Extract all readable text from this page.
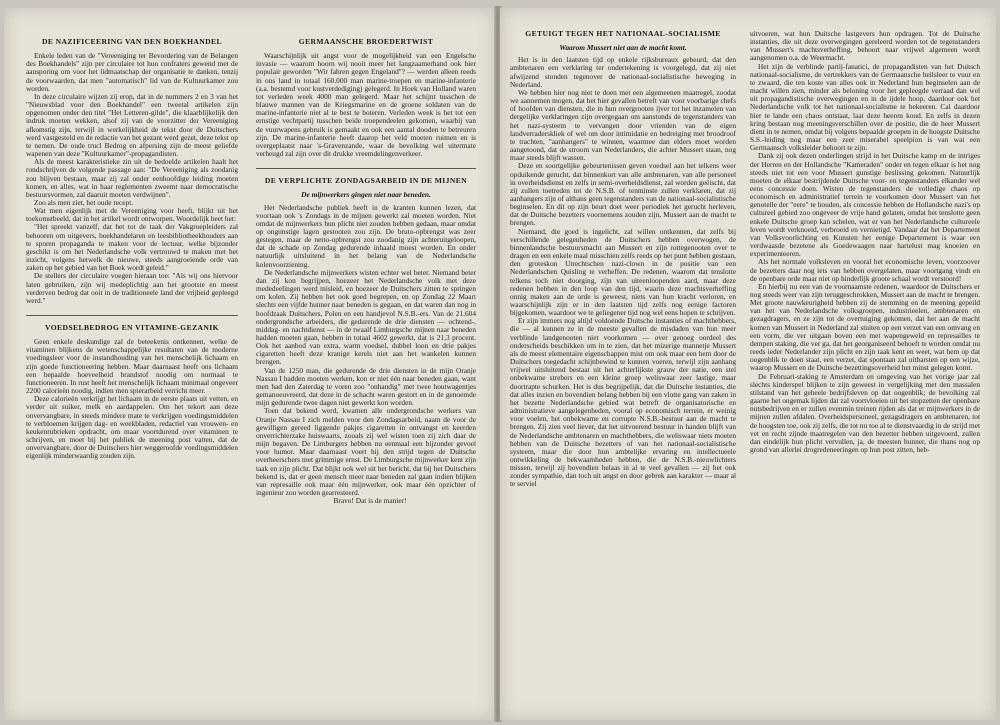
DE NAZIFICEERING VAN DEN BOEKHANDEL

Enkele leden van de "Vereeniging ter Bevordering van de Belangen des Boekhandels" zijn per circulaire tot hun confraters gewend met de aansporing om voor het lidmaatschap der organisatie te danken, tenzij de voorwaarden, dat men "automatisch" lid van de Kultuurkamer zou worden.

In deze circulaire wijzen zij erop, dat in de nummers 2 en 3 van het "Nieuwsblad voor den Boekhandel" een tweetal artikelen zijn opgenomen onder den titel "Het Letteren-gilde", die klaarblijkelijk den indruk moeten wekken, alsof zij van de voorzitter der Vereeniging afkomstig zijn, terwijl in werkelijkheid de tekst door de Duitschers werd vastgesteld en de redactie van het gezant werd gezet, deze tekst op te nemen. De oude trucl Bedrog en afpersing zijn de meest geliefde wapenen van deze "Kultuurkamer"-propagandisten.

Als de meest karakteristieke zin uit de bedoelde artikelen haalt het rondschrijven de volgende passage aan: "De Vereeniging als zoodanig zou blijven bestaan, maar zij zal onder eenhoofdige leiding moeten komen, en alles, wat in haar reglementen zweemt naar democratische bestuursvormen, zal daaruit moeten verdwijnen".

Zoo als men ziet, het oude recept.

Wat men eigenlijk met de Vereeniging voor heeft, blijkt uit het toekomstbeeld, dat in het artikel wordt ontworpen. Woordelijk heet het:

"Het spreekt vanzelf, dat het tot de taak der Vakgroepleiders zal behooren om uitgevers, boekhandelaren en leesbibliotheekhouders aan te sporen propaganda te maken voor de lectuur, welke bijzonder geschikt is om het Nederlandsche volk vertrouwd te maken met het inzicht, volgens hetwelk de nieuwe, steeds aangroeiende orde van zaken op het gebied van het Boek wordt geleid."

De stellers der circulaire voegen hieraan toe: "Als wij ons hiervoor laten gebruiken, zijn wij medeplichtig aan het grootste en meest verderven bedrog dat ooit in de traditioneele land der vrijheid gepleegd werd."

VOEDSELBEDROG EN VITAMINE-GEZANIK

Geen enkele deskundige zal de beteekenis ontkennen, welke de vitaminen blijkens de wetenschappelijke resultaten van de moderne voedingsleer voor de instandhouding van het menschelijk lichaam en zijn goede functioneering hebben. Maar daarnaast heeft ons lichaam een bepaalde hoeveelheid brandstof noodig om normaal te functioneeren. In rust heeft het menschelijk lichaam minimaal ongeveer 2200 calorieën noodig, indien men spierarbeid verricht meer.

Deze calorieën verkrijgt het lichaam in de eerste plaats uit vetten, en verder uit suiker, melk en aardappelen. Om het tekort aan deze onvervangbare, in steeds mindere mate te verkrijgen voedingsmiddelen te verbloemen krijgen dag- en weekbladen, redactiel van vrouwen- en keukenrubrieken opdracht, om maar voortdurend over vitaminen te schrijven, en moet bij het publiek de meening post vatten, dat de onvervangbare, door de Duitschers hier weggeroofde voedingsmiddelen eigenlijk minderwaardig zouden zijn.

GERMAANSCHE BROEDERTWIST

Waarschijnlijk uit angst voor de mogelijkheid van een Engelsche invasie — waarom hoorn wij nooit meer het langzaamerhand ook hier populair geworden "Wir fahren gegen Engeland"? — werden alleen reeds in ons land in totaal 160.000 man marine-troepen en marine-infanterie (a.a. bestemd voor kustverdediging) gelegerd. In Hoek van Holland waren tot verleden week 4000 man gelegerd. Maar het schijnt tusschen de blauwe mannen van de Kriegsmarine en de groene soldaten van de marine-infanterie niet al te best te boteren. Verleden week is het tot een ernstige vechtpartij tusschen beide troependeelen gekomen, waarbij van de vuurwapens gebruik is gemaakt en ook een aantal dooden te betreuren zijn. De marine-infanterie heeft daarop het veld moeten ruimen en is overgeplaatst naar 's-Gravenzande, waar de bevolking wel uitermate verheugd zal zijn over dit drukke vreemdelingenverkeer.

DE VERPLICHTE ZONDAGSARBEID IN DE MIJNEN
De mijnwerkers gingen niet naar beneden.

Het Nederlandsche publiek heeft in de kranten kunnen lezen, dat voortaan ook 's Zondags in de mijnen gewerkt zal moeten worden. Niet omdat de mijnwerkers hun plicht niet zouden hebben gedaan, maar omdat op ongunstige lagen gestooten zou zijn. De bruto-opbrengst was zeer gestegen, maar de netto-opbrengst zou zoodanig zijn achteruitgeloopen, dat de schade op Zondag gedurende inhaald moest worden. En onder natuurlijk uitsluitend in het belang van de Nederlandsche kolenvoorziening.

De Nederlandsche mijnwerkers wisten echter wel beter. Niemand beter dan zij kon begrijpen, hoezeer het Nederlandsche volk met deze mededeelingen werd misleid, en hoezeer de Duitschers zitten te springen om kolen. Zij hebben het ook goed begrepen, en op Zondag 22 Maart slechts een vijfde hunner naar beneden is gegaan, en dat waren dan nog in hoofdzaak Duitschers, Polen en een handjevol N.S.B.-ers. Van de 21.604 ondergrondsche arbeiders, die gedurende de drie diensten — ochtend-, middag- en nachtdienst — in de twaalf Limburgsche mijnen naar beneden hadden moeten gaan, hebben in totaal 4602 gewerkt, dat is 21,3 procent. Ook het aanbod van extra, warm voedsel, dubbel loon en drie pakjes cigaretten heeft deze kranige kerels niet aan het wankelen kunnen brengen.

Van de 1250 man, die gedurende de drie diensten in de mijn Oranje Nassau I hadden moeten werken, kon er niet één naar beneden gaan, want men had den Zaterdag te voren zoo "onhandig" met twee houtwagentjes gemanoeuvreerd, dat deze in de schacht waren gestort en in de genoemde mijn gedurende twee dagen niet gewerkt kon worden.

Toen dat bekend werd, kwamen alle ondergrondsche werkers van Oranje Nassau I zich melden voor den Zondagsarbeid, naam de voor de gewilligen gereed liggende pakjes cigaretten in ontvangst en keerden onverrichterzake huiswaarts, zooals zij wel wisten toen zij zich daar de mijn begaven. De Limburgers hebben nu eenmaal een bijzonder gevoel voor humor. Maar daarnaast voert hij den strijd tegen de Duitsche overheerschers met grimmige ernst. De Limburgsche mijnwerker kent zijn taak en zijn plicht. Dat blijkt ook wel uit het bericht, dat bij het Duitschers bekend is, dat er geen mensch meer naar beneden zal gaan indien blijken van represaille ook maar één mijnwerker, ook maar één opzichter of ingenieur zou worden gearresteerd.

Bravo! Dat is de manier!

GETUIGT TEGEN HET NATIONAAL-SOCIALISME
Waarom Mussert niet aan de macht komt.

Het is in den laatsten tijd op enkele rijksbureaux gebeurd, dat den ambtenaren een verklaring ter ondertekening is voorgelegd, dat zij niet afwijzend stonden tegenover de nationaal-socialistische beweging in Nederland.

We hebben hier nog niet te doen met een algemeenen maatregel, zoodat we aannemen mogen, dat het hier gevallen betreft van voor voorbarige chefs of hoofden van diensten, die in hun overgrooten ijver tot het inzamelen van dergelijke verklaringen zijn overgegaan om aanstonds de tegenstanders van het nazi-systeem te vervangen door vrienden van de eigen landverraderskliek of wel om door intimidatie en bedreiging met broodroof te trachten, "aanhangers" te winnen, waarmee dan elders moet worden aangetoond, dat de stroom van Nederlanders, die achter Mussert staan, nog maar steeds blijft wassen.

Deze en soortgelijke gebeurtenissen geven voedsel aan het telkens weer opduikende gerucht, dat binnenkort van alle ambtenaren, van alle personeel in overheidsdienst en zelfs in semi-overheidsdienst, zal worden geëischt, dat zij zullen toetreden tot de N.S.B. of tenminste zullen verklaren, dat zij aanhangers zijn of althans geen tegenstanders van de nationaal-socialistische beginselen. En dit op zijn beurt doet weer periodiek het gerucht herleven, dat de Duitsche bezetters voornemens zouden zijn, Mussert aan de macht te brengen.

Niemand, die goed is ingelicht, zal willen ontkennen, dat zelfs bij verschillende gelegenheden de Duitschers hebben overwogen, de binnenlandsche bestuursmacht aan Mussert en zijn rottegenooten over te dragen en een enkele maal misschien zelfs reeds op het punt hebben gestaan, den groteskon Utrechtschen nazi-clown in de positie van een Nederlandschen Quisling te verheffen. De redenen, waarom dat tenslotte telkens toch niet doorging, zijn van uiteenloopenden aard, maar deze redenen hebben in den loop van den tijd, waarin deze machtsverheffing onnig maken aan de orde is geweest, niets van hun kracht verloren, en waarschijnlijk zijn er in den laatsten tijd zelfs nog eenige factoren bijgekomen, waardoor we te geliegener tijd nog wel eens hopen te schrijven.

Er zijn immers nog altijd voldoende Duitsche instanties of machthebbers, die — al kunnen ze in de meeste gevallen de misdaden van hun meer verblinde landgenooten niet voorkomen — over genoeg oordeel des onderscheids beschikken om in te zien, dat het mizerige mannetje Mussert als de meest elementaire eigenschappen mist om ook maar een hem door de Duitschers toegedacht schijnbewind te kunnen voeren, terwijl zijn aanhang vrijwel uitsluitend bestaat uit het achterlijkste grauw der natie, een stel onbekwame strebers en een kleine groep weliswaar zeer lastige, maar doortrapte schurken. Het is dus begrijpelijk, dat die Duitsche instanties, die dat alles inzien en bovendien belang hebben bij een vlotte gang van zaken in het bezette Nederlandsche gebied wat betreft de organisatorische en administratieve aangelegenheden, vooral op economisch terrein, er weinig voor voelen, het onbekwame en corrupte N.S.B.-bestuur aan de macht te brengen. Zij zien veel liever, dat het uitvoerend bestuur in handen blijft van de Nederlandsche ambtenaren en machthebbers, die weliswaar niets moeten hebben van de Duitsche bezetters of van het nationaal-socialistische systeem, maar die door hun ambtelijke ervaring en intellectueele ontwikkeling de bekwaamheden hebben, die de N.S.B.-nieuwlichters missen, terwijl zij bovendien helaas in al te veel gevallen — zij het ook zonder sympathie, dan toch uit angst en door gebrek aan karakter — maar al te serviel

uitvoeren, wat hun Duitsche lastgevers hun opdragen. Tot de Duitsche instanties, die uit deze overwegingen gereleerd worden tot de tegenstanders van Mussert's machtsverheffing, behoort naar vrijwel algemeen wordt aangenomen o.a. de Weermacht.

Het zijn de verblinde partij-fanatici, de propagandisten van het Duitsch nationaal-socialisme, de vertrekkers van de Germaansche heilsleer te vuur en te zwaard, die ten koste van alles ook in Nederland hun beginselen aan de macht willen zien, minder als beloning voor het gepleegde verraad dan wel uit propagandistische overwegingen en in de ijdele hoop, daardoor ook het Nederlandsche volk tot het nationaal-socialisme te bekeeren. Cal daardoor hier te lande een chaos ontstaat, laat deze heeren koud. En zelfs in dezen kring bestaan nog meeningsverschillen over de positie, die de heer Mussert dient in te nemen, omdat bij volgens bepaalde groepen in de hoogste Duitsche S.S.-leiding nog maar een zeer miserabel speelpion is van wat een Germaansch volksleider behoort te zijn.

Dank zij ook dezen onderlingen strijd in het Duitsche kamp en de intriges der Herren en der Hollandsche "Kameraden" onder en tegen elkaar is het nog steeds niet tot een voor Mussert gunstige beslissing gekomen. Natuurlijk moeten de elkaar bestrijdende Duitsche voor- en tegenstanders elkander wel eens concessie doen. Wisten de tegenstanders de volledige chaos op economisch en administratief terrein te voorkomen door Mussert van het genotelle der "eere" te houden, als concessie hebben de Hollandsche nazi's op cultureel gebied zoo ongeveer de vrije hand gelaten, omdat het tenslotte geen enkele Duitsche groep kan schelen, wat er van het Nederlandsche cultureele leven wordt verknoeid, verbroeid en vernietigd. Vandaar dat het Departement van Volksvoorlichting en Kunsten het eenige Departement is waar een verdwaasde bezetene als Goedewaagen naar hartelust mag knoeien en experimenteeren.

Als het normale volksleven en vooral het economische leven, voorzoover de bezetters daar nog iets van hebben overgelaten, maar voortgang vindt en de openbare orde maar niet op hinderlijk groote schaal wordt verstoord!

En hierbij nu een van de voornaamste redenen, waardoor de Duitschers er nog steeds weer van zijn teruggeschrokken, Mussert aan de macht te brengen. Met groote nauwkeurigheid hebben zij de stemming en de meening gepeild van het van Nederlandsche volksgroepen, industrieelen, ambtenaren en gezagdragers, en ze zijn tot de overtuiging gekomen, dat het aan de macht komen van Mussert in Nederland zal stuiten op een verzet van een omvang en een vorm, die ver uitgaan boven een met wapengeweld en represailles te dempen staking, die ver ga, dat het georganiseerd behoeft te worden omdat nu reeds ieder Nederlander zijn plicht en zijn taak kent en weet, wat hem op dat oogenblik te doen staat, een verzet, dat spontaan zal uitbarsten op een wijze, waarop Mussert en de Duitsche bezettingsoverheid het minst gelegen komt.

De Februari-staking te Amsterdam en omgeving van het vorige jaar zal slechts kinderspel blijken te zijn geweest in vergelijking met den massalen stilstand van het geheele bedrijfsleven op dat oogenblik; de bevolking zal gaarne het ongemak lijden dat zal voortvloeien uit het stopzetten der openbare nutsbedrijven en er zullen evenmin treinen rijden als dat er mijnwerkers in de mijnen zullen afdalen. Overheidspersoneel, gezagsdragers en ambtenaren, tot de hoogsten toe, ook zij zelfs, die tot nu toe al te dienstvaardig in de strijd met vet en recht zijnde maatregelen van den bezetter hebben uitgevoerd, zullen dan eindelijk hun plicht vervullen, ja, de meesten hunner, die thans nog op grond van allerlei drogredeneeringen op hun post zitten, heb-
